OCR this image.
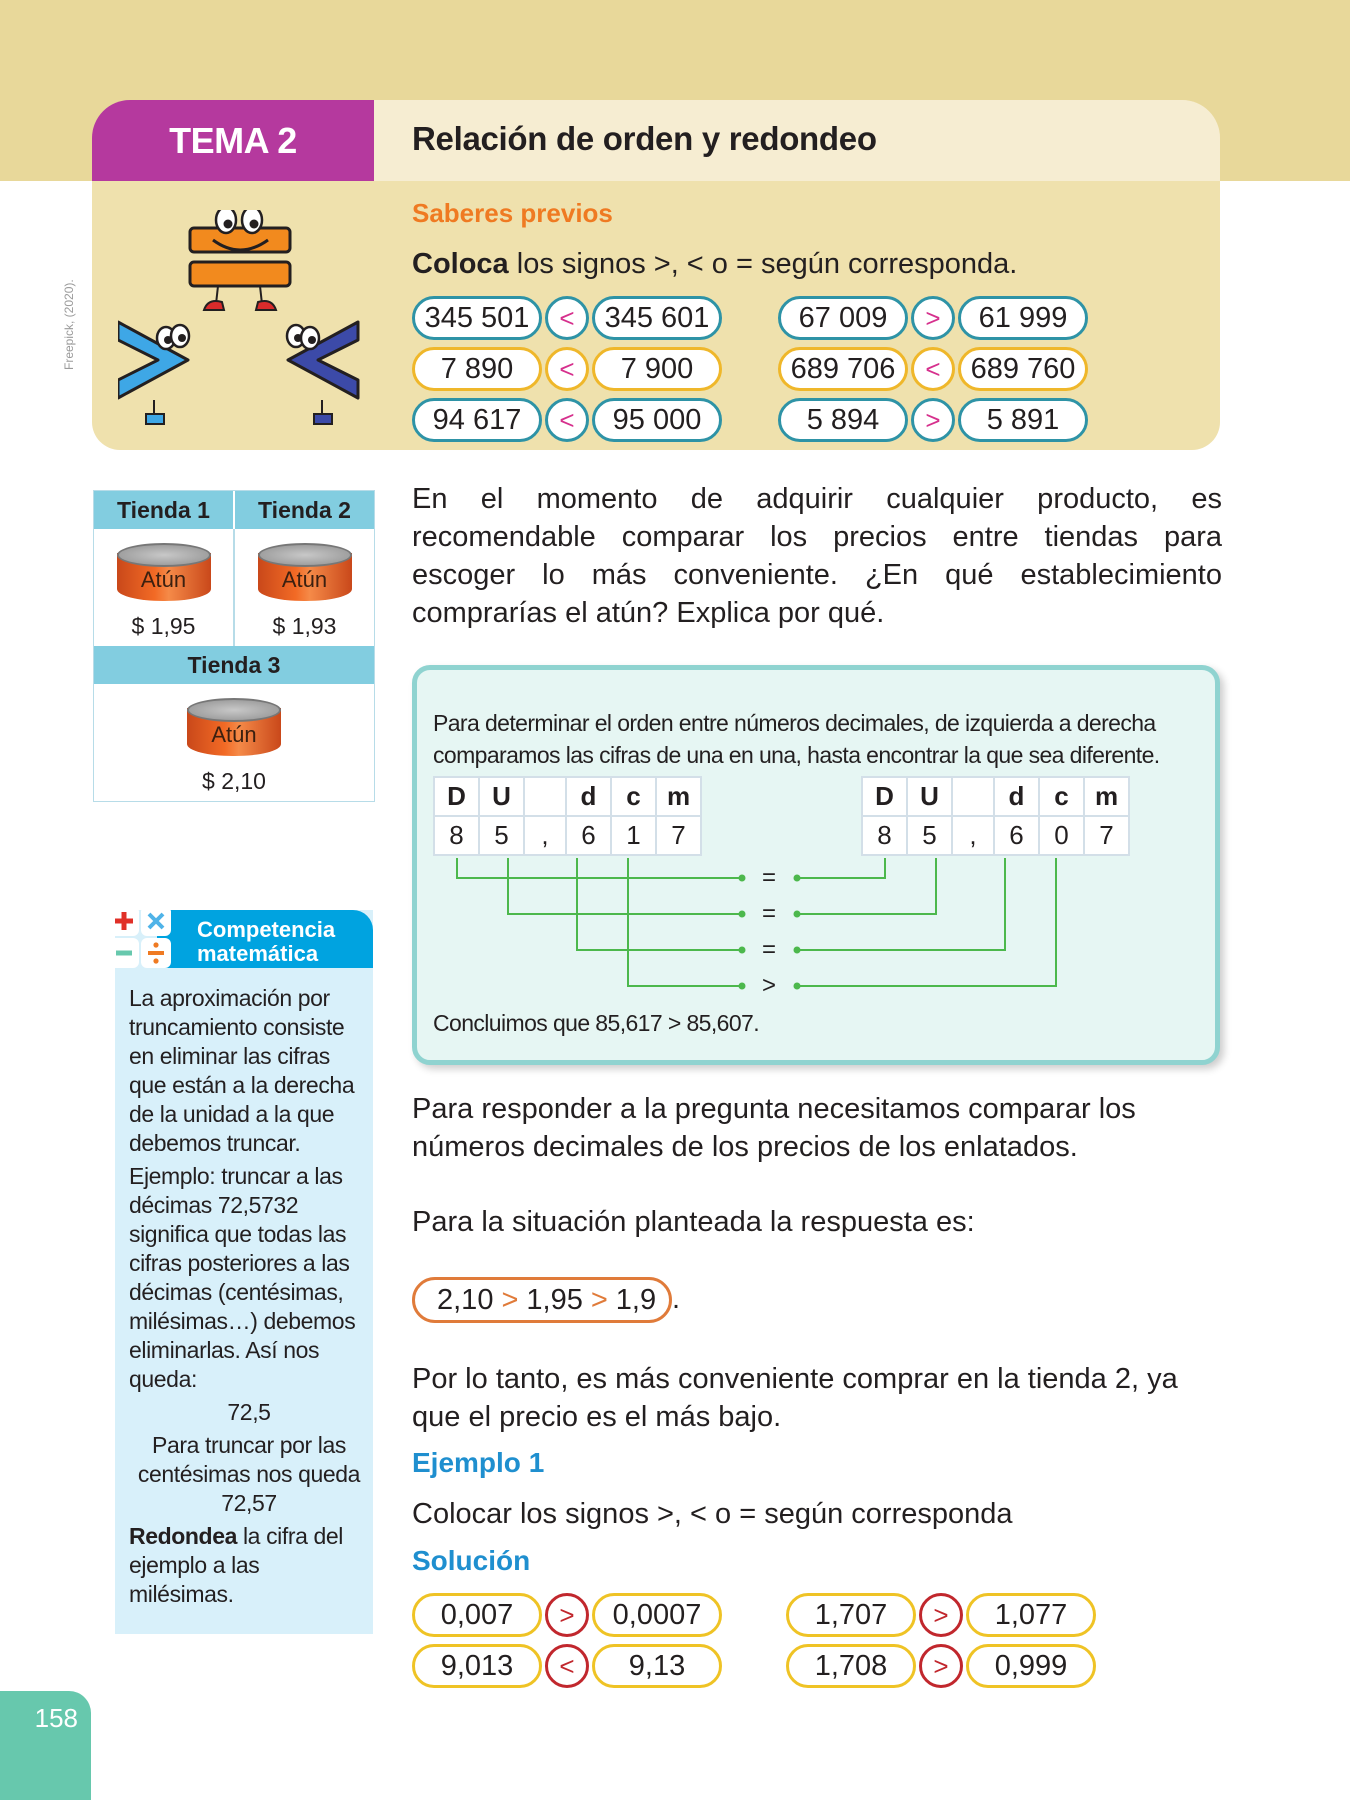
Freepick, (2020).
TEMA 2	Relación de orden y redondeo
Saberes previos

Coloca los signos >, < o = según corresponda.

345 501	<	345 601	67 009	>	61 999
7 890	<	7 900	689 706	<	689 760
94 617	<	95 000	5 894	>	5 891
Tienda 1	Tienda 2
Atún
$ 1,95
Atún
$ 1,93
Tienda 3
Atún
$ 2,10

En el momento de adquirir cualquier producto, es recomendable comparar los precios entre tiendas para escoger lo más conveniente. ¿En qué establecimiento comprarías el atún? Explica por qué.

Para determinar el orden entre números decimales, de izquierda a derecha
comparamos las cifras de una en una, hasta encontrar la que sea diferente.
D	U		d	c	m
8	5	,	6	1	7
D	U		d	c	m
8	5	,	6	0	7
=
=
=
>
Concluimos que 85,617 > 85,607.
Competencia
matemática

La aproximación por truncamiento consiste en eliminar las cifras que están a la derecha de la unidad a la que debemos truncar.

Ejemplo: truncar a las décimas 72,5732 significa que todas las cifras posteriores a las décimas (centésimas, milésimas…) debemos eliminarlas. Así nos queda:

72,5

Para truncar por las centésimas nos queda

72,57

Redondea la cifra del ejemplo a las milésimas.

Para responder a la pregunta necesitamos comparar los números decimales de los precios de los enlatados.

Para la situación planteada la respuesta es:

2,10 > 1,95 > 1,9 .

Por lo tanto, es más conveniente comprar en la tienda 2, ya que el precio es el más bajo.

Ejemplo 1

Colocar los signos >, < o = según corresponda

Solución
0,007	>	0,0007	1,707	>	1,077
9,013	<	9,13	1,708	>	0,999
158
